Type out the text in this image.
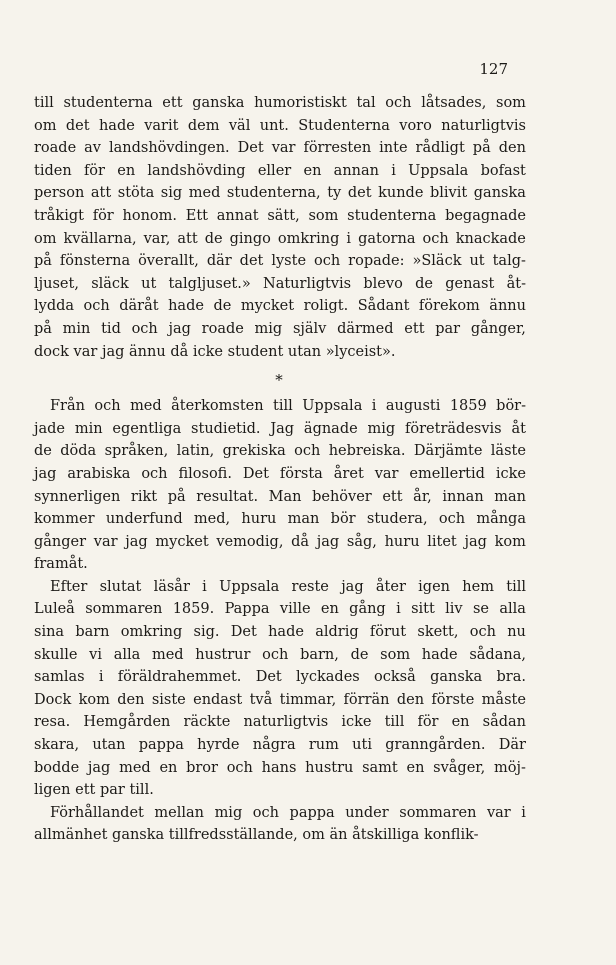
127
till studenterna ett ganska humoristiskt tal och låtsades, som
om det hade varit dem väl unt. Studenterna voro naturligtvis
roade av landshövdingen. Det var förresten inte rådligt på den
tiden för en landshövding eller en annan i Uppsala bofast
person att stöta sig med studenterna, ty det kunde blivit ganska
tråkigt för honom. Ett annat sätt, som studenterna begagnade
om kvällarna, var, att de gingo omkring i gatorna och knackade
på fönsterna överallt, där det lyste och ropade: »Släck ut talg-
ljuset, släck ut talgljuset.» Naturligtvis blevo de genast åt-
lydda och däråt hade de mycket roligt. Sådant förekom ännu
på min tid och jag roade mig själv därmed ett par gånger,
dock var jag ännu då icke student utan »lyceist».
*
Från och med återkomsten till Uppsala i augusti 1859 bör-
jade min egentliga studietid. Jag ägnade mig företrädesvis åt
de döda språken, latin, grekiska och hebreiska. Därjämte läste
jag arabiska och filosofi. Det första året var emellertid icke
synnerligen rikt på resultat. Man behöver ett år, innan man
kommer underfund med, huru man bör studera, och många
gånger var jag mycket vemodig, då jag såg, huru litet jag kom
framåt.
Efter slutat läsår i Uppsala reste jag åter igen hem till
Luleå sommaren 1859. Pappa ville en gång i sitt liv se alla
sina barn omkring sig. Det hade aldrig förut skett, och nu
skulle vi alla med hustrur och barn, de som hade sådana,
samlas i föräldrahemmet. Det lyckades också ganska bra.
Dock kom den siste endast två timmar, förrän den förste måste
resa. Hemgården räckte naturligtvis icke till för en sådan
skara, utan pappa hyrde några rum uti granngården. Där
bodde jag med en bror och hans hustru samt en svåger, möj-
ligen ett par till.
Förhållandet mellan mig och pappa under sommaren var i
allmänhet ganska tillfredsställande, om än åtskilliga konflik-
